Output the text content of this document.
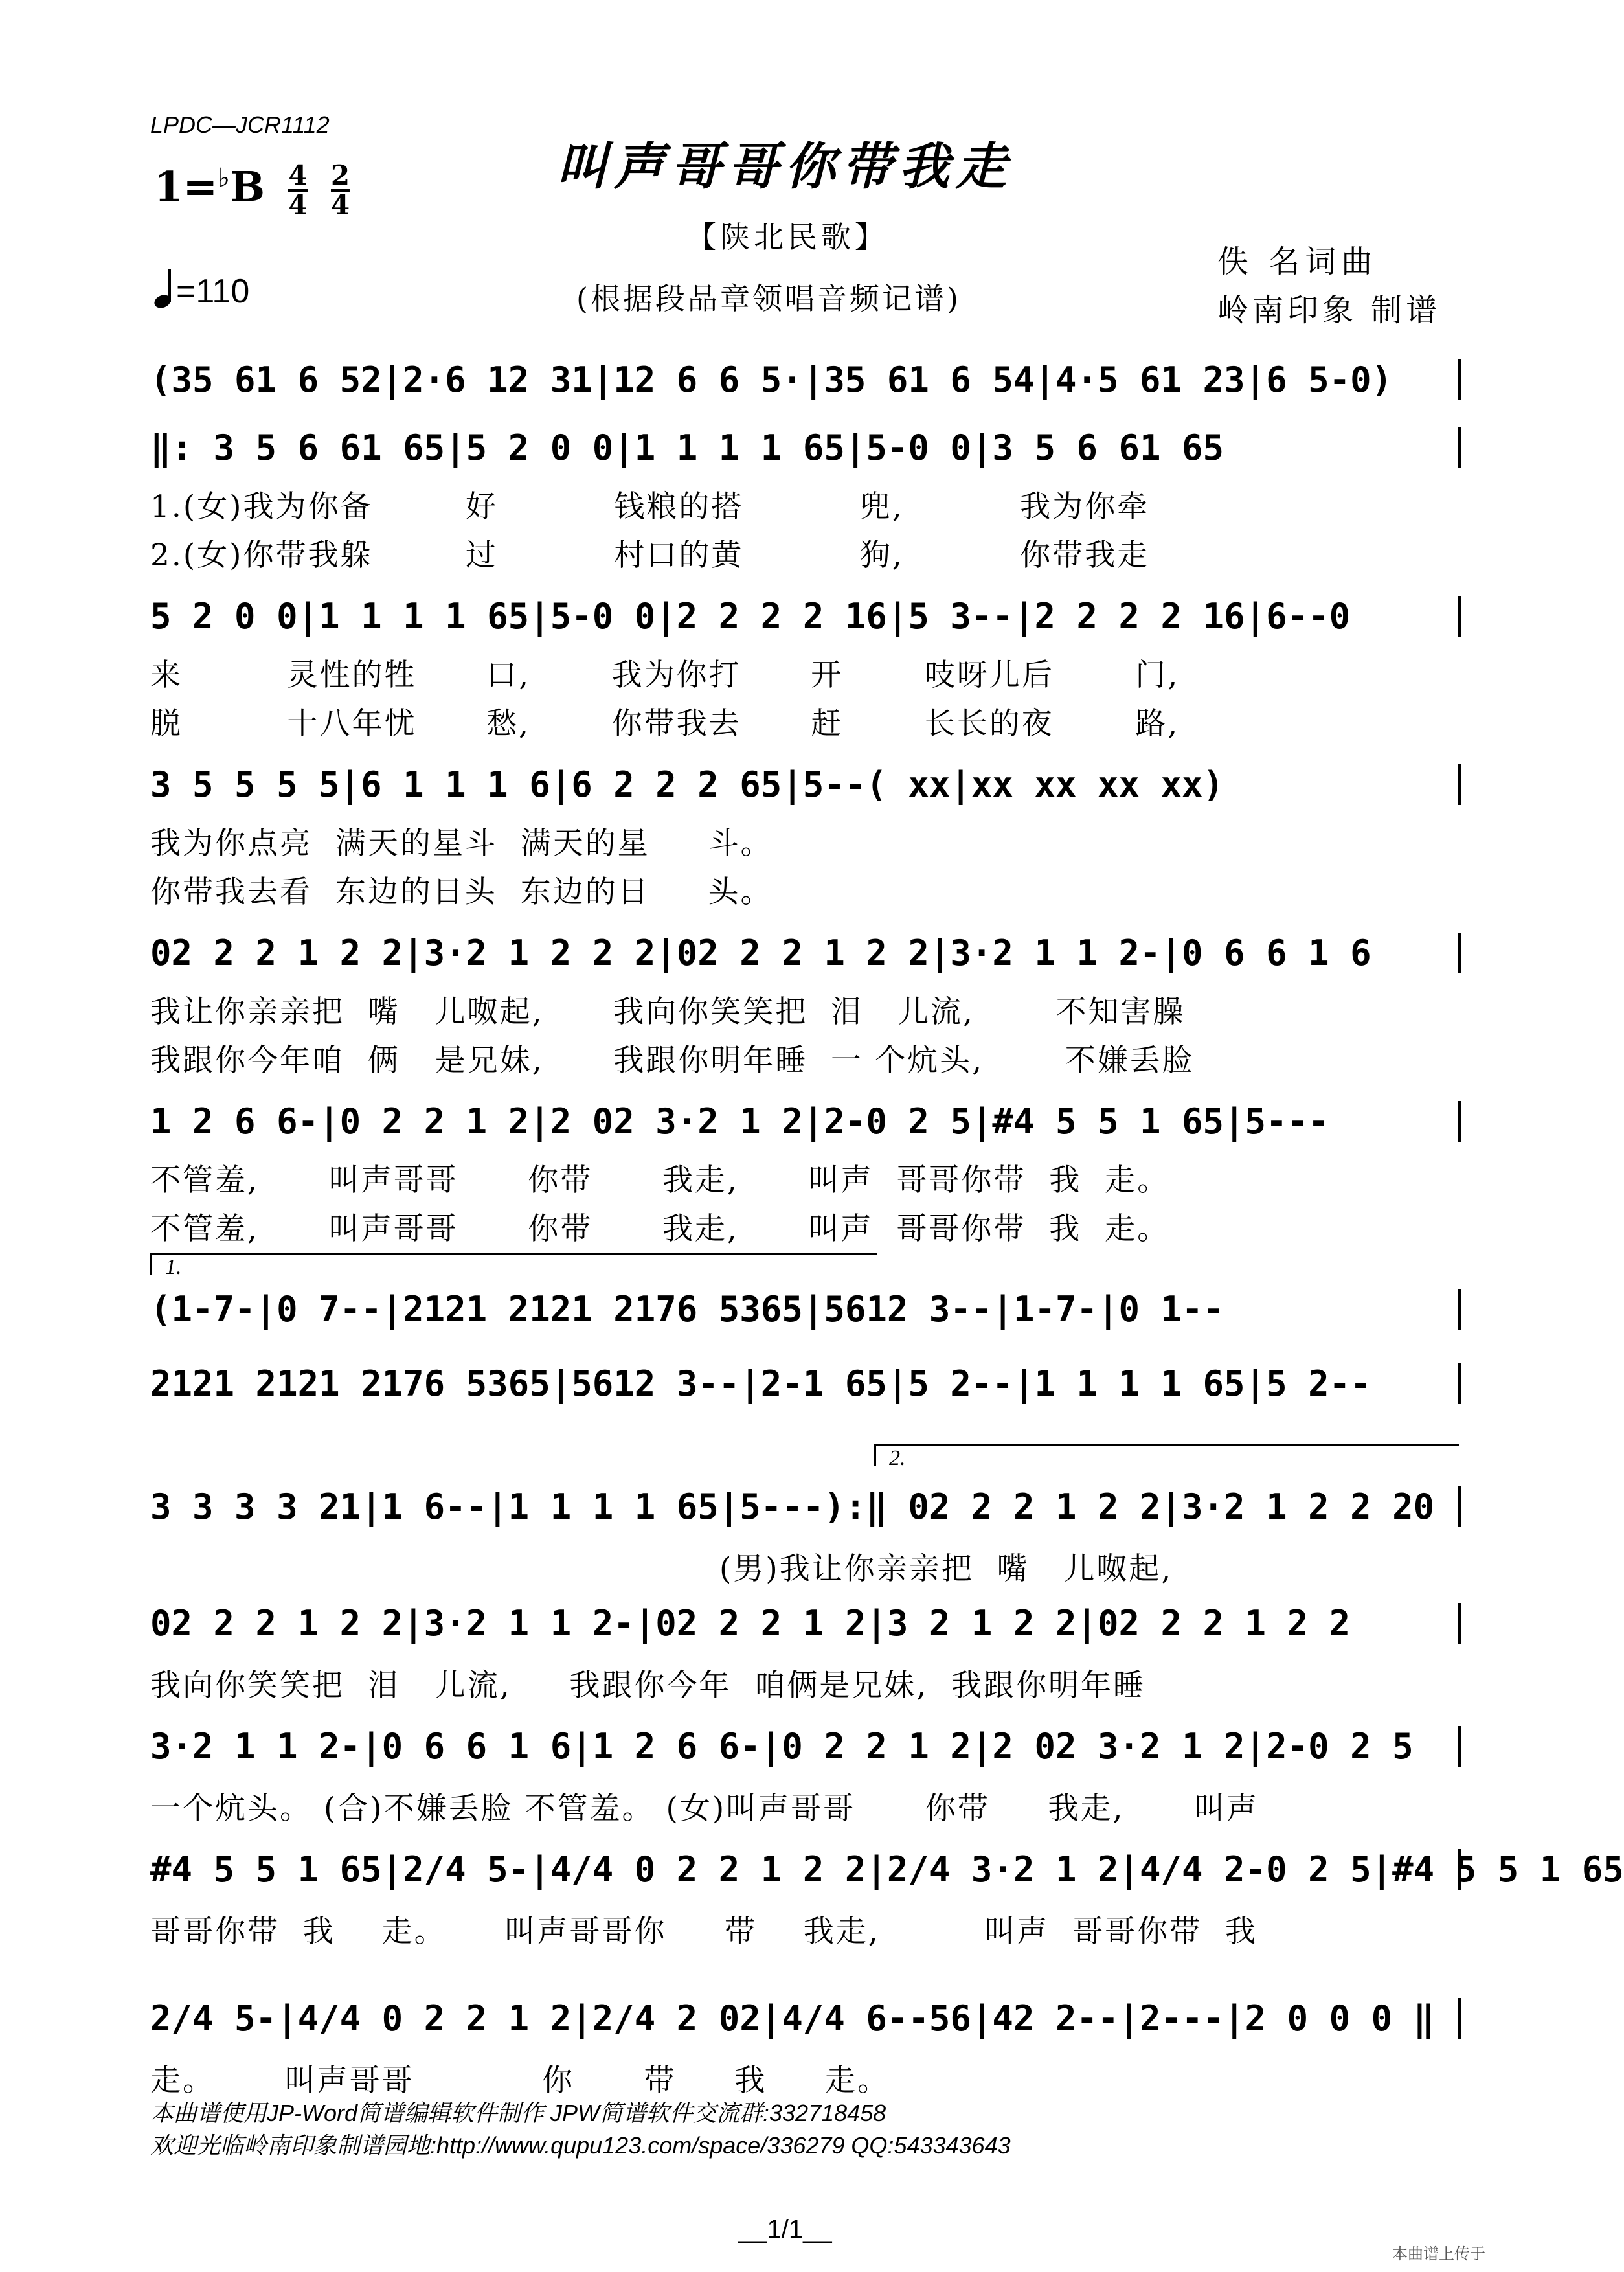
LPDC—JCR1112
叫声哥哥你带我走
$1=^♭B \frac{4}{4}$
$\frac{2}{4}$
【陕北民歌】
佚 名词曲
岭南印象 制谱
=110	(根据段品章领唱音频记谱)
(35 61 6 52|2·6 12 31|12 6 6 5·|35 61 6 54|4·5 61 23|6 5-0)
‖: 3 5 6 61 65|5 2 0 0|1 1 1 1 65|5-0 0|3 5 6 61 65
1.(女)我为你备        好          钱粮的搭          兜,          我为你牵
2.(女)你带我躲        过          村口的黄          狗,          你带我走
5 2 0 0|1 1 1 1 65|5-0 0|2 2 2 2 16|5 3--|2 2 2 2 16|6--0
来         灵性的牲      口,       我为你打      开       吱呀儿后       门,
脱         十八年忧      愁,       你带我去      赶       长长的夜       路,
3 5 5 5 5|6 1 1 1 6|6 2 2 2 65|5--( xx|xx xx xx xx)
我为你点亮  满天的星斗  满天的星     斗。
你带我去看  东边的日头  东边的日     头。
02 2 2 1 2 2|3·2 1 2 2 2|02 2 2 1 2 2|3·2 1 1 2-|0 6 6 1 6
我让你亲亲把  嘴   儿呶起,      我向你笑笑把  泪   儿流,       不知害臊
我跟你今年咱  俩   是兄妹,      我跟你明年睡  一 个炕头,       不嫌丢脸
1 2 6 6-|0 2 2 1 2|2 02 3·2 1 2|2-0 2 5|#4 5 5 1 65|5---
不管羞,      叫声哥哥      你带      我走,      叫声  哥哥你带  我  走。
不管羞,      叫声哥哥      你带      我走,      叫声  哥哥你带  我  走。
1.
(1-7-|0 7--|2121 2121 2176 5365|5612 3--|1-7-|0 1--
2121 2121 2176 5365|5612 3--|2-1 65|5 2--|1 1 1 1 65|5 2--
2.
3 3 3 3 21|1 6--|1 1 1 1 65|5---):‖ 02 2 2 1 2 2|3·2 1 2 2 20
(男)我让你亲亲把  嘴   儿呶起,
02 2 2 1 2 2|3·2 1 1 2-|02 2 2 1 2|3 2 1 2 2|02 2 2 1 2 2
我向你笑笑把  泪   儿流,     我跟你今年  咱俩是兄妹,  我跟你明年睡
3·2 1 1 2-|0 6 6 1 6|1 2 6 6-|0 2 2 1 2|2 02 3·2 1 2|2-0 2 5
一个炕头。 (合)不嫌丢脸 不管羞。 (女)叫声哥哥      你带     我走,      叫声
#4 5 5 1 65|2/4 5-|4/4 0 2 2 1 2 2|2/4 3·2 1 2|4/4 2-0 2 5|#4 5 5 1 65
哥哥你带  我    走。     叫声哥哥你     带    我走,         叫声  哥哥你带  我
2/4 5-|4/4 0 2 2 1 2|2/4 2 02|4/4 6--56|42 2--|2---|2 0 0 0 ‖
走。      叫声哥哥           你      带     我     走。
本曲谱使用JP-Word简谱编辑软件制作 JPW简谱软件交流群:332718458
欢迎光临岭南印象制谱园地:http://www.qupu123.com/space/336279 QQ:543343643
__1/1__
本曲谱上传于
